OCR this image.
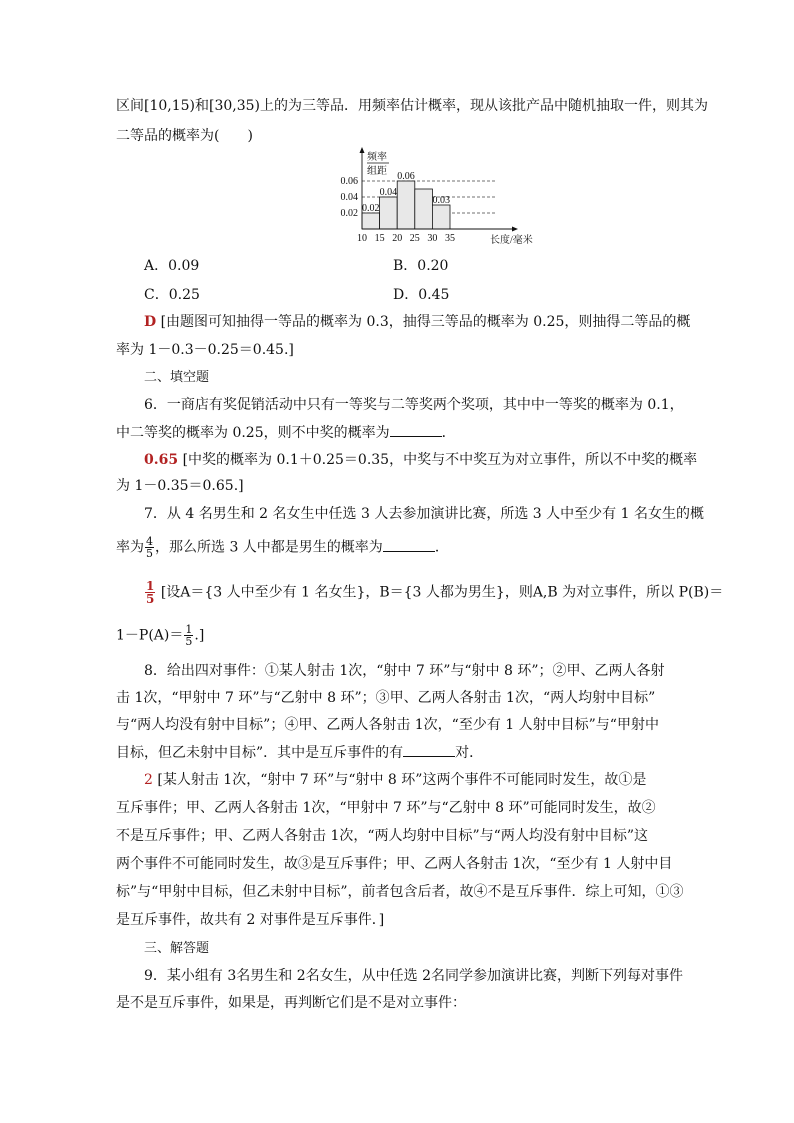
区间[10,15)和[30,35)上的为三等品．用频率估计概率，现从该批产品中随机抽取一件，则其为
二等品的概率为(　　)
0.02
0.04
0.06
0.02
0.04
0.06
0.03
10 15 20 25 30 35	长度/毫米
频率
组距
A．0.09	B．0.20
C．0.25	D．0.45
D [由题图可知抽得一等品的概率为 0.3，抽得三等品的概率为 0.25，则抽得二等品的概
率为 1－0.3－0.25＝0.45.]
二、填空题
6．一商店有奖促销活动中只有一等奖与二等奖两个奖项，其中中一等奖的概率为 0.1，
中二等奖的概率为 0.25，则不中奖的概率为	．
0.65 [中奖的概率为 0.1＋0.25＝0.35，中奖与不中奖互为对立事件，所以不中奖的概率
为 1－0.35＝0.65.]
7．从 4 名男生和 2 名女生中任选 3 人去参加演讲比赛，所选 3 人中至少有 1 名女生的概
率为 $\frac{4}{5}$ ，那么所选 3 人中都是男生的概率为	．
$\frac{1}{5}$ [设A＝{3 人中至少有 1 名女生}，B＝{3 人都为男生}，则A,B 为对立事件，所以 P(B)＝
$1-P(A)= \frac{1}{5}$ .]
8．给出四对事件：①某人射击 1次，“射中 7 环”与“射中 8 环”；②甲、乙两人各射
击 1次，“甲射中 7 环”与“乙射中 8 环”；③甲、乙两人各射击 1次，“两人均射中目标”
与“两人均没有射中目标”；④甲、乙两人各射击 1次，“至少有 1 人射中目标”与“甲射中
目标，但乙未射中目标”．其中是互斥事件的有	对．
2 [某人射击 1次，“射中 7 环”与“射中 8 环”这两个事件不可能同时发生，故①是
互斥事件；甲、乙两人各射击 1次，“甲射中 7 环”与“乙射中 8 环”可能同时发生，故②
不是互斥事件；甲、乙两人各射击 1次，“两人均射中目标”与“两人均没有射中目标”这
两个事件不可能同时发生，故③是互斥事件；甲、乙两人各射击 1次，“至少有 1 人射中目
标”与“甲射中目标，但乙未射中目标”，前者包含后者，故④不是互斥事件．综上可知，①③
是互斥事件，故共有 2 对事件是互斥事件．]
三、解答题
9．某小组有 3名男生和 2名女生，从中任选 2名同学参加演讲比赛，判断下列每对事件
是不是互斥事件，如果是，再判断它们是不是对立事件：
